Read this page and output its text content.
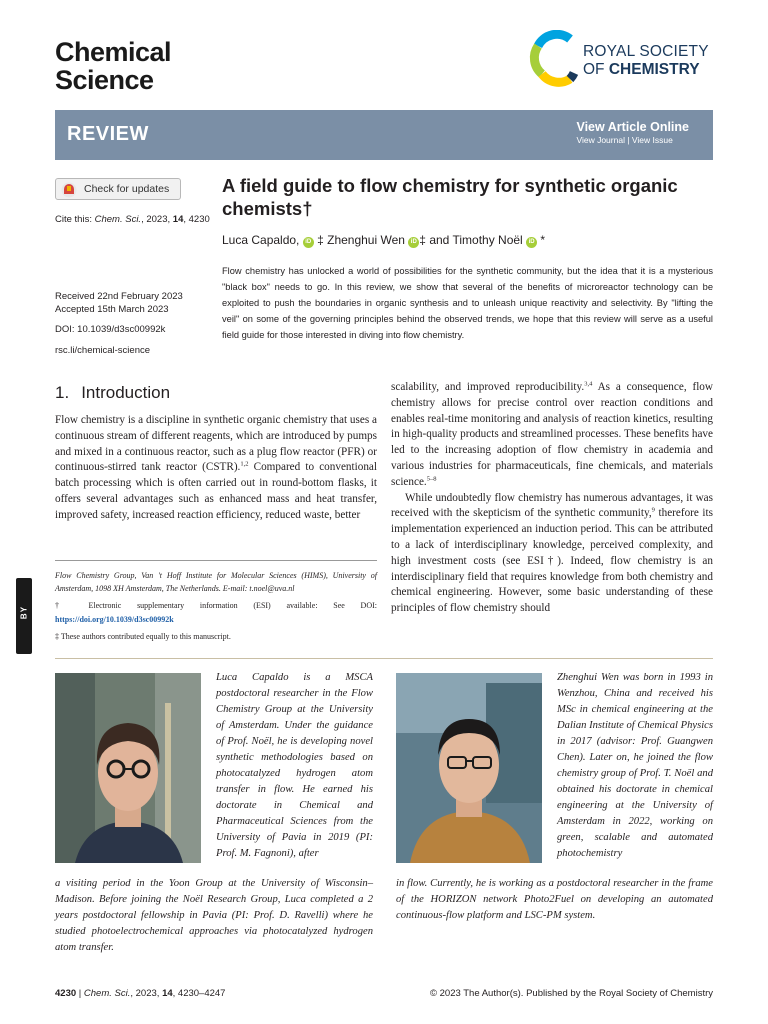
Chemical
Science
ROYAL SOCIETY
OF CHEMISTRY
REVIEW	View Article Online
View Journal | View Issue
Check for updates
Cite this: Chem. Sci., 2023, 14, 4230
Received 22nd February 2023
Accepted 15th March 2023
DOI: 10.1039/d3sc00992k
rsc.li/chemical-science
A field guide to flow chemistry for synthetic organic chemists†
Luca Capaldo, iD ‡ Zhenghui Wen iD ‡ and Timothy Noël iD *
Flow chemistry has unlocked a world of possibilities for the synthetic community, but the idea that it is a mysterious "black box" needs to go. In this review, we show that several of the benefits of microreactor technology can be exploited to push the boundaries in organic synthesis and to unleash unique reactivity and selectivity. By "lifting the veil" on some of the governing principles behind the observed trends, we hope that this review will serve as a useful field guide for those interested in diving into flow chemistry.
1. Introduction

Flow chemistry is a discipline in synthetic organic chemistry that uses a continuous stream of different reagents, which are introduced by pumps and mixed in a continuous reactor, such as a plug flow reactor (PFR) or continuous-stirred tank reactor (CSTR).$^{1,2}$ Compared to conventional batch processing which is often carried out in round-bottom flasks, it offers several advantages such as enhanced mass and heat transfer, improved safety, increased reaction efficiency, reduced waste, better

scalability, and improved reproducibility.$^{3,4}$ As a consequence, flow chemistry allows for precise control over reaction conditions and enables real-time monitoring and analysis of reaction kinetics, resulting in high-quality products and streamlined processes. These benefits have led to the increasing adoption of flow chemistry in academia and various industries for pharmaceuticals, fine chemicals, and materials science.$^{5-8}$

While undoubtedly flow chemistry has numerous advantages, it was received with the skepticism of the synthetic community,$^9$ therefore its implementation experienced an induction period. This can be attributed to a lack of interdisciplinary knowledge, perceived complexity, and high investment costs (see ESI†). Indeed, flow chemistry is an interdisciplinary field that requires knowledge from both chemistry and chemical engineering. However, some basic understanding of these principles of flow chemistry should

Flow Chemistry Group, Van 't Hoff Institute for Molecular Sciences (HIMS), University of Amsterdam, 1098 XH Amsterdam, The Netherlands. E-mail: t.noel@uva.nl

† Electronic supplementary information (ESI) available: See DOI: https://doi.org/10.1039/d3sc00992k

‡ These authors contributed equally to this manuscript.

BY
Luca Capaldo is a MSCA postdoctoral researcher in the Flow Chemistry Group at the University of Amsterdam. Under the guidance of Prof. Noël, he is developing novel synthetic methodologies based on photocatalyzed hydrogen atom transfer in flow. He earned his doctorate in Chemical and Pharmaceutical Sciences from the University of Pavia in 2019 (PI: Prof. M. Fagnoni), after
a visiting period in the Yoon Group at the University of Wisconsin–Madison. Before joining the Noël Research Group, Luca completed a 2 years postdoctoral fellowship in Pavia (PI: Prof. D. Ravelli) where he studied photoelectrochemical approaches via photocatalyzed hydrogen atom transfer.
Zhenghui Wen was born in 1993 in Wenzhou, China and received his MSc in chemical engineering at the Dalian Institute of Chemical Physics in 2017 (advisor: Prof. Guangwen Chen). Later on, he joined the flow chemistry group of Prof. T. Noël and obtained his doctorate in chemical engineering at the University of Amsterdam in 2022, working on green, scalable and automated photochemistry
in flow. Currently, he is working as a postdoctoral researcher in the frame of the HORIZON network Photo2Fuel on developing an automated continuous-flow platform and LSC-PM system.
4230 | Chem. Sci., 2023, 14, 4230–4247	© 2023 The Author(s). Published by the Royal Society of Chemistry
